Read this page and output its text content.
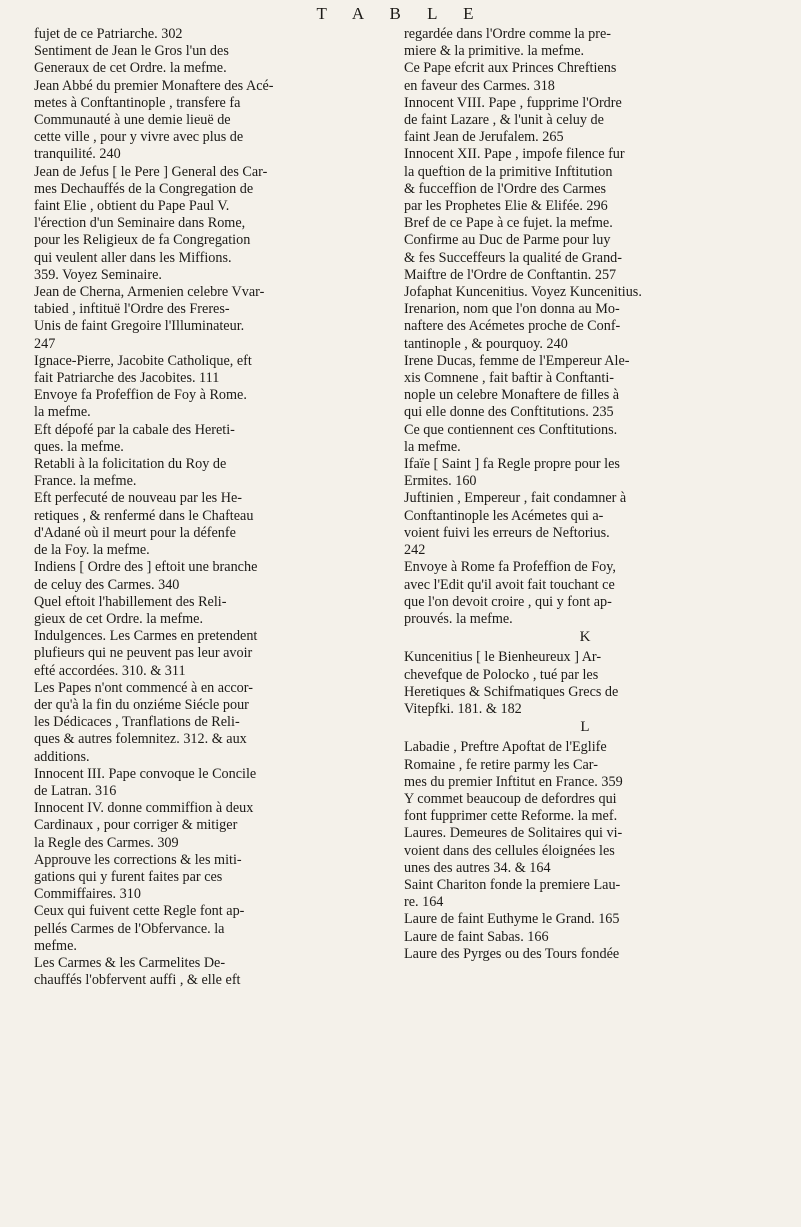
T A B L E
fujet de ce Patriarche. 302
Sentiment de Jean le Gros l'un des
Generaux de cet Ordre. la mefme.
Jean Abbé du premier Monaftere des Acé-
metes à Conftantinople , transfere fa
Communauté à une demie lieuë de
cette ville , pour y vivre avec plus de
tranquilité. 240
Jean de Jefus [ le Pere ] General des Car-
mes Dechauffés de la Congregation de
faint Elie , obtient du Pape Paul V.
l'érection d'un Seminaire dans Rome,
pour les Religieux de fa Congregation
qui veulent aller dans les Miffions.
359. Voyez Seminaire.
Jean de Cherna, Armenien celebre Vvar-
tabied , inftituë l'Ordre des Freres-
Unis de faint Gregoire l'Illuminateur.
247
Ignace-Pierre, Jacobite Catholique, eft
fait Patriarche des Jacobites. 111
Envoye fa Profeffion de Foy à Rome.
la mefme.
Eft dépofé par la cabale des Hereti-
ques. la mefme.
Retabli à la folicitation du Roy de
France. la mefme.
Eft perfecuté de nouveau par les He-
retiques , & renfermé dans le Chafteau
d'Adané où il meurt pour la défenfe
de la Foy. la mefme.
Indiens [ Ordre des ] eftoit une branche
de celuy des Carmes. 340
Quel eftoit l'habillement des Reli-
gieux de cet Ordre. la mefme.
Indulgences. Les Carmes en pretendent
plufieurs qui ne peuvent pas leur avoir
efté accordées. 310. & 311
Les Papes n'ont commencé à en accor-
der qu'à la fin du onziéme Siécle pour
les Dédicaces , Tranflations de Reli-
ques & autres folemnitez. 312. & aux
additions.
Innocent III. Pape convoque le Concile
de Latran. 316
Innocent IV. donne commiffion à deux
Cardinaux , pour corriger & mitiger
la Regle des Carmes. 309
Approuve les corrections & les miti-
gations qui y furent faites par ces
Commiffaires. 310
Ceux qui fuivent cette Regle font ap-
pellés Carmes de l'Obfervance. la
mefme.
Les Carmes & les Carmelites De-
chauffés l'obfervent auffi , & elle eft
regardée dans l'Ordre comme la pre-
miere & la primitive. la mefme.
Ce Pape efcrit aux Princes Chreftiens
en faveur des Carmes. 318
Innocent VIII. Pape , fupprime l'Ordre
de faint Lazare , & l'unit à celuy de
faint Jean de Jerufalem. 265
Innocent XII. Pape , impofe filence fur
la queftion de la primitive Inftitution
& fucceffion de l'Ordre des Carmes
par les Prophetes Elie & Elifée. 296
Bref de ce Pape à ce fujet. la mefme.
Confirme au Duc de Parme pour luy
& fes Succeffeurs la qualité de Grand-
Maiftre de l'Ordre de Conftantin. 257
Jofaphat Kuncenitius. Voyez Kuncenitius.
Irenarion, nom que l'on donna au Mo-
naftere des Acémetes proche de Conf-
tantinople , & pourquoy. 240
Irene Ducas, femme de l'Empereur Ale-
xis Comnene , fait baftir à Conftanti-
nople un celebre Monaftere de filles à
qui elle donne des Conftitutions. 235
Ce que contiennent ces Conftitutions.
la mefme.
Ifaïe [ Saint ] fa Regle propre pour les
Ermites. 160
Juftinien , Empereur , fait condamner à
Conftantinople les Acémetes qui a-
voient fuivi les erreurs de Neftorius.
242
Envoye à Rome fa Profeffion de Foy,
avec l'Edit qu'il avoit fait touchant ce
que l'on devoit croire , qui y font ap-
prouvés. la mefme.
K
Kuncenitius [ le Bienheureux ] Ar-
chevefque de Polocko , tué par les
Heretiques & Schifmatiques Grecs de
Vitepfki. 181. & 182
L
Labadie , Preftre Apoftat de l'Eglife
Romaine , fe retire parmy les Car-
mes du premier Inftitut en France. 359
Y commet beaucoup de defordres qui
font fupprimer cette Reforme. la mef.
Laures. Demeures de Solitaires qui vi-
voient dans des cellules éloignées les
unes des autres 34. & 164
Saint Chariton fonde la premiere Lau-
re. 164
Laure de faint Euthyme le Grand. 165
Laure de faint Sabas. 166
Laure des Pyrges ou des Tours fondée
